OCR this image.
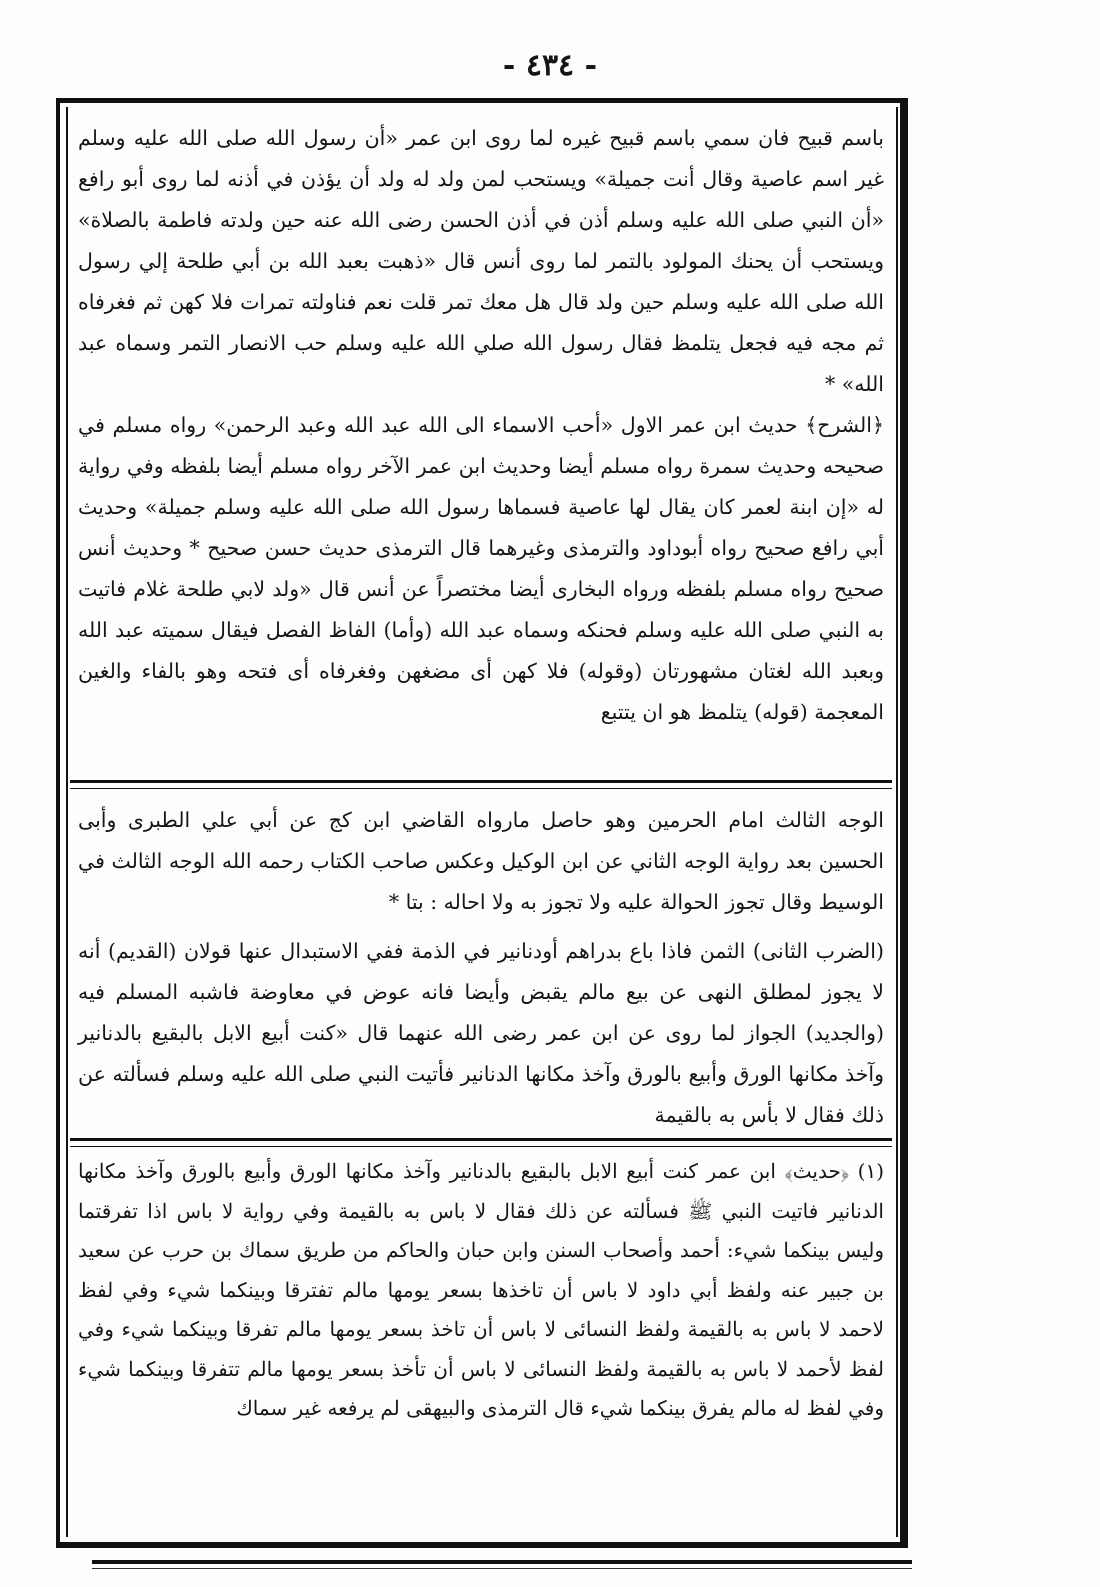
- ٤٣٤ -

باسم قبيح فان سمي باسم قبيح غيره لما روى ابن عمر «أن رسول الله صلى الله عليه وسلم غير اسم عاصية وقال أنت جميلة» ويستحب لمن ولد له ولد أن يؤذن في أذنه لما روى أبو رافع «أن النبي صلى الله عليه وسلم أذن في أذن الحسن رضى الله عنه حين ولدته فاطمة بالصلاة» ويستحب أن يحنك المولود بالتمر لما روى أنس قال «ذهبت بعبد الله بن أبي طلحة إلي رسول الله صلى الله عليه وسلم حين ولد قال هل معك تمر قلت نعم فناولته تمرات فلا كهن ثم فغرفاه ثم مجه فيه فجعل يتلمظ فقال رسول الله صلي الله عليه وسلم حب الانصار التمر وسماه عبد الله» *

﴿الشرح﴾ حديث ابن عمر الاول «أحب الاسماء الى الله عبد الله وعبد الرحمن» رواه مسلم في صحيحه وحديث سمرة رواه مسلم أيضا وحديث ابن عمر الآخر رواه مسلم أيضا بلفظه وفي رواية له «إن ابنة لعمر كان يقال لها عاصية فسماها رسول الله صلى الله عليه وسلم جميلة» وحديث أبي رافع صحيح رواه أبوداود والترمذى وغيرهما قال الترمذى حديث حسن صحيح * وحديث أنس صحيح رواه مسلم بلفظه ورواه البخارى أيضا مختصراً عن أنس قال «ولد لابي طلحة غلام فاتيت به النبي صلى الله عليه وسلم فحنكه وسماه عبد الله (وأما) الفاظ الفصل فيقال سميته عبد الله وبعبد الله لغتان مشهورتان (وقوله) فلا كهن أى مضغهن وفغرفاه أى فتحه وهو بالفاء والغين المعجمة (قوله) يتلمظ هو ان يتتبع

الوجه الثالث امام الحرمين وهو حاصل مارواه القاضي ابن كج عن أبي علي الطبرى وأبى الحسين بعد رواية الوجه الثاني عن ابن الوكيل وعكس صاحب الكتاب رحمه الله الوجه الثالث في الوسيط وقال تجوز الحوالة عليه ولا تجوز به ولا احاله : بتا *

(الضرب الثانى) الثمن فاذا باع بدراهم أودنانير في الذمة ففي الاستبدال عنها قولان (القديم) أنه لا يجوز لمطلق النهى عن بيع مالم يقبض وأيضا فانه عوض في معاوضة فاشبه المسلم فيه (والجديد) الجواز لما روى عن ابن عمر رضى الله عنهما قال «كنت أبيع الابل بالبقيع بالدنانير وآخذ مكانها الورق وأبيع بالورق وآخذ مكانها الدنانير فأتيت النبي صلى الله عليه وسلم فسألته عن ذلك فقال لا بأس به بالقيمة

(١) ﴿حديث﴾ ابن عمر كنت أبيع الابل بالبقيع بالدنانير وآخذ مكانها الورق وأبيع بالورق وآخذ مكانها الدنانير فاتيت النبي ﷺ فسألته عن ذلك فقال لا باس به بالقيمة وفي رواية لا باس اذا تفرقتما وليس بينكما شيء: أحمد وأصحاب السنن وابن حبان والحاكم من طريق سماك بن حرب عن سعيد بن جبير عنه ولفظ أبي داود لا باس أن تاخذها بسعر يومها مالم تفترقا وبينكما شيء وفي لفظ لاحمد لا باس به بالقيمة ولفظ النسائى لا باس أن تاخذ بسعر يومها مالم تفرقا وبينكما شيء وفي لفظ لأحمد لا باس به بالقيمة ولفظ النسائى لا باس أن تأخذ بسعر يومها مالم تتفرقا وبينكما شيء وفي لفظ له مالم يفرق بينكما شيء قال الترمذى والبيهقى لم يرفعه غير سماك
